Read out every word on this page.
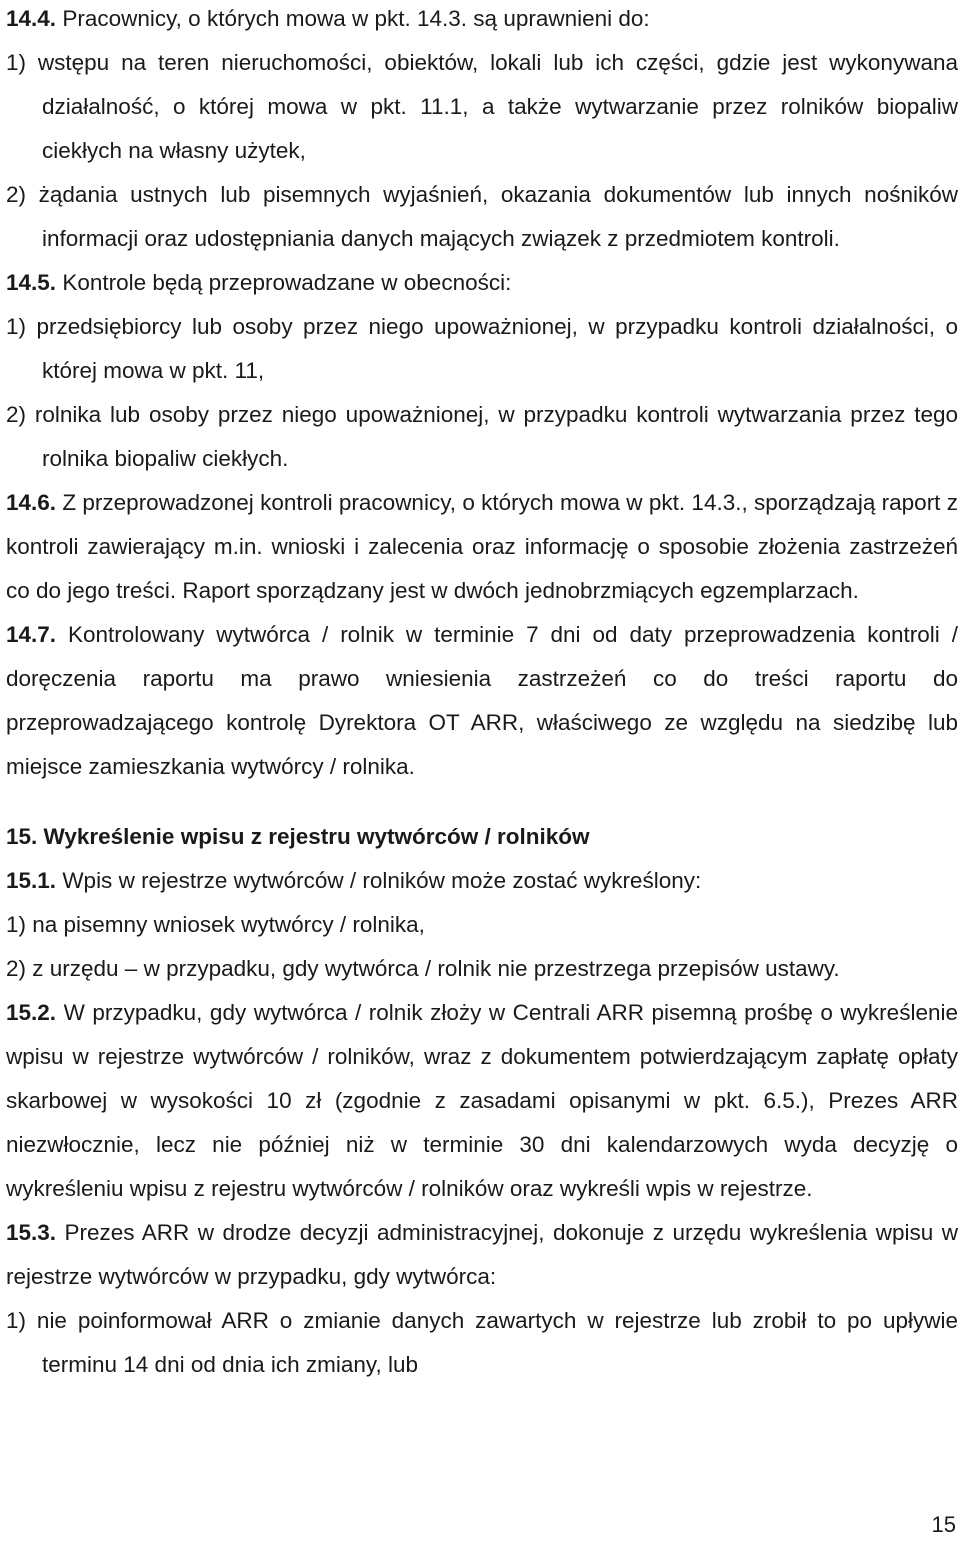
14.4. Pracownicy, o których mowa w pkt. 14.3. są uprawnieni do:

1) wstępu na teren nieruchomości, obiektów, lokali lub ich części, gdzie jest wykonywana działalność, o której mowa w pkt. 11.1, a także wytwarzanie przez rolników biopaliw ciekłych na własny użytek,

2) żądania ustnych lub pisemnych wyjaśnień, okazania dokumentów lub innych nośników informacji oraz udostępniania danych mających związek z przedmiotem kontroli.

14.5. Kontrole będą przeprowadzane w obecności:

1) przedsiębiorcy lub osoby przez niego upoważnionej, w przypadku kontroli działalności, o której mowa w pkt. 11,

2) rolnika lub osoby przez niego upoważnionej, w przypadku kontroli wytwarzania przez tego rolnika biopaliw ciekłych.

14.6. Z przeprowadzonej kontroli pracownicy, o których mowa w pkt. 14.3., sporządzają raport z kontroli zawierający m.in. wnioski i zalecenia oraz informację o sposobie złożenia zastrzeżeń co do jego treści. Raport sporządzany jest w dwóch jednobrzmiących egzemplarzach.

14.7. Kontrolowany wytwórca / rolnik w terminie 7 dni od daty przeprowadzenia kontroli / doręczenia raportu ma prawo wniesienia zastrzeżeń co do treści raportu do przeprowadzającego kontrolę Dyrektora OT ARR, właściwego ze względu na siedzibę lub miejsce zamieszkania wytwórcy / rolnika.

15. Wykreślenie wpisu z rejestru wytwórców / rolników

15.1. Wpis w rejestrze wytwórców / rolników może zostać wykreślony:

1) na pisemny wniosek wytwórcy / rolnika,

2) z urzędu – w przypadku, gdy wytwórca / rolnik nie przestrzega przepisów ustawy.

15.2. W przypadku, gdy wytwórca / rolnik złoży w Centrali ARR pisemną prośbę o wykreślenie wpisu w rejestrze wytwórców / rolników, wraz z dokumentem potwierdzającym zapłatę opłaty skarbowej w wysokości 10 zł (zgodnie z zasadami opisanymi w pkt. 6.5.), Prezes ARR niezwłocznie, lecz nie później niż w terminie 30 dni kalendarzowych wyda decyzję o wykreśleniu wpisu z rejestru wytwórców / rolników oraz wykreśli wpis w rejestrze.

15.3. Prezes ARR w drodze decyzji administracyjnej, dokonuje z urzędu wykreślenia wpisu w rejestrze wytwórców w przypadku, gdy wytwórca:

1) nie poinformował ARR o zmianie danych zawartych w rejestrze lub zrobił to po upływie terminu 14 dni od dnia ich zmiany, lub

15
